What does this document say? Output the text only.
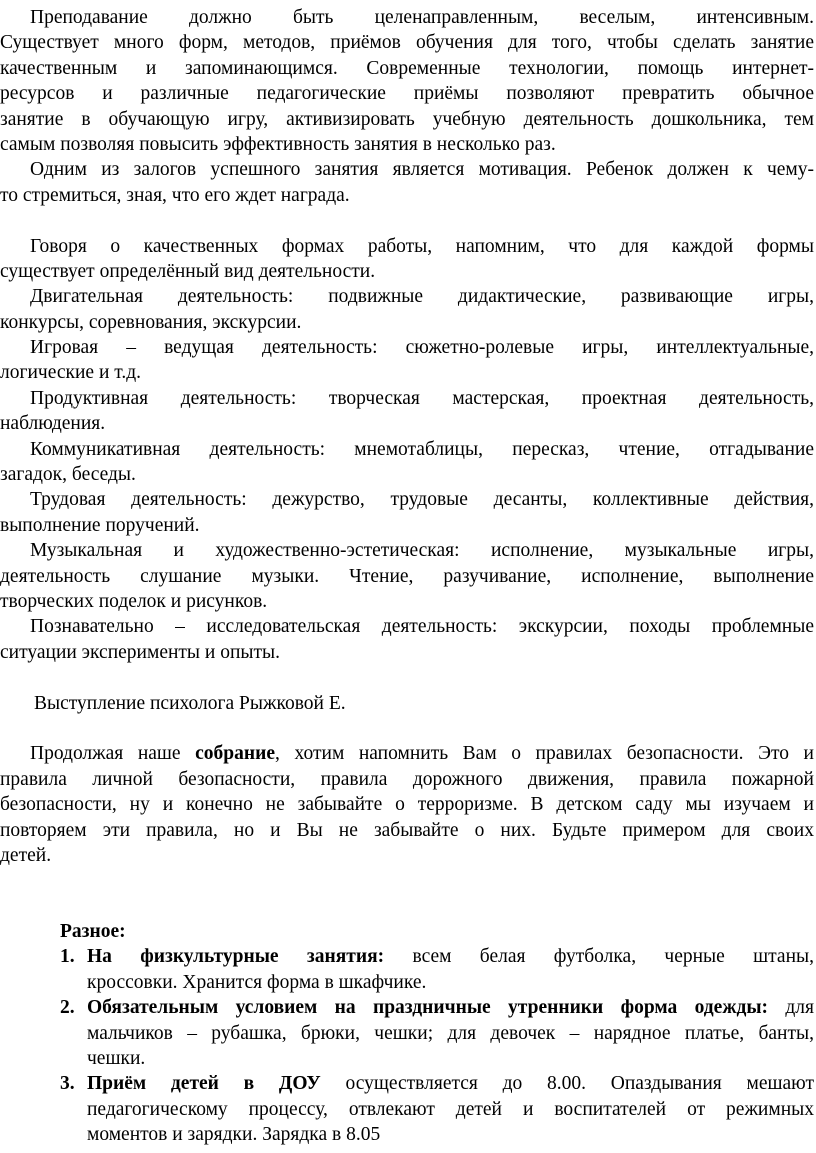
Преподавание должно быть целенаправленным, веселым, интенсивным.
Существует много форм, методов, приёмов обучения для того, чтобы сделать занятие
качественным и запоминающимся. Современные технологии, помощь интернет-
ресурсов и различные педагогические приёмы позволяют превратить обычное
занятие в обучающую игру, активизировать учебную деятельность дошкольника, тем
самым позволяя повысить эффективность занятия в несколько раз.
Одним из залогов успешного занятия является мотивация. Ребенок должен к чему-
то стремиться, зная, что его ждет награда.
Говоря о качественных формах работы, напомним, что для каждой формы
существует определённый вид деятельности.
Двигательная деятельность: подвижные дидактические, развивающие игры,
конкурсы, соревнования, экскурсии.
Игровая – ведущая деятельность: сюжетно-ролевые игры, интеллектуальные,
логические и т.д.
Продуктивная деятельность: творческая мастерская, проектная деятельность,
наблюдения.
Коммуникативная деятельность: мнемотаблицы, пересказ, чтение, отгадывание
загадок, беседы.
Трудовая деятельность: дежурство, трудовые десанты, коллективные действия,
выполнение поручений.
Музыкальная и художественно-эстетическая: исполнение, музыкальные игры,
деятельность слушание музыки. Чтение, разучивание, исполнение, выполнение
творческих поделок и рисунков.
Познавательно – исследовательская деятельность: экскурсии, походы проблемные
ситуации эксперименты и опыты.
Выступление психолога Рыжковой Е.
Продолжая наше собрание, хотим напомнить Вам о правилах безопасности. Это и
правила личной безопасности, правила дорожного движения, правила пожарной
безопасности, ну и конечно не забывайте о терроризме. В детском саду мы изучаем и
повторяем эти правила, но и Вы не забывайте о них. Будьте примером для своих
детей.
Разное:
1. На физкультурные занятия: всем белая футболка, черные штаны,
кроссовки. Хранится форма в шкафчике.
2. Обязательным условием на праздничные утренники форма одежды: для
мальчиков – рубашка, брюки, чешки; для девочек – нарядное платье, банты,
чешки.
3. Приём детей в ДОУ осуществляется до 8.00. Опаздывания мешают
педагогическому процессу, отвлекают детей и воспитателей от режимных
моментов и зарядки. Зарядка в 8.05
